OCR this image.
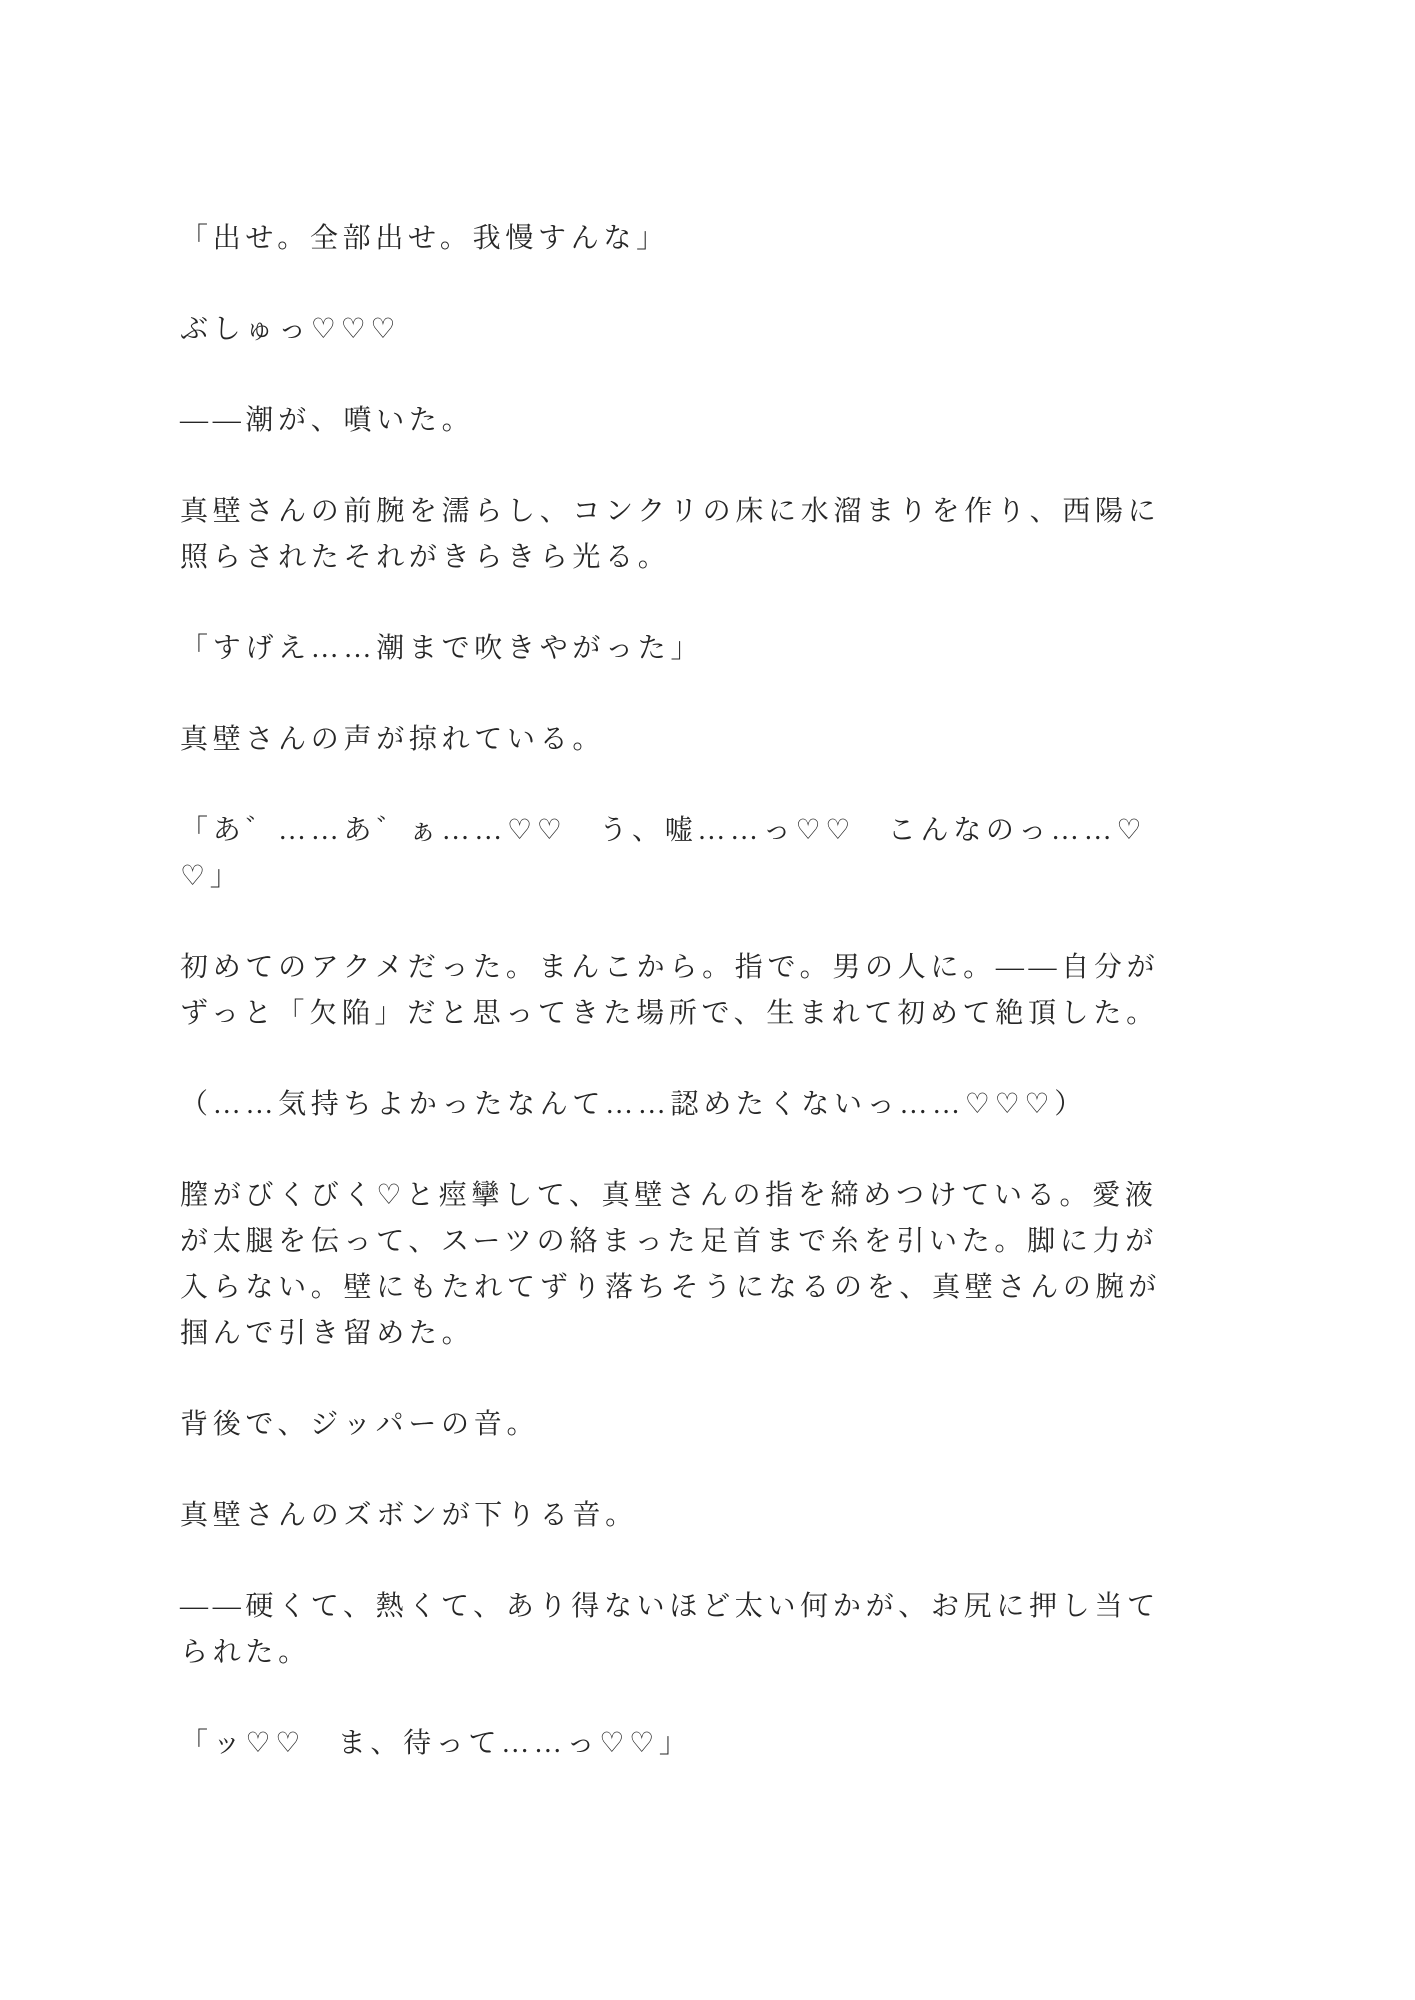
「出せ。全部出せ。我慢すんな」

ぶしゅっ♡♡♡

——潮が、噴いた。

真壁さんの前腕を濡らし、コンクリの床に水溜まりを作り、西陽に
照らされたそれがきらきら光る。

「すげえ……潮まで吹きやがった」

真壁さんの声が掠れている。

「あ゛……あ゛ぁ……♡♡　う、嘘……っ♡♡　こんなのっ……♡
♡」

初めてのアクメだった。まんこから。指で。男の人に。——自分が
ずっと「欠陥」だと思ってきた場所で、生まれて初めて絶頂した。

（……気持ちよかったなんて……認めたくないっ……♡♡♡）

膣がびくびく♡と痙攣して、真壁さんの指を締めつけている。愛液
が太腿を伝って、スーツの絡まった足首まで糸を引いた。脚に力が
入らない。壁にもたれてずり落ちそうになるのを、真壁さんの腕が
掴んで引き留めた。

背後で、ジッパーの音。

真壁さんのズボンが下りる音。

——硬くて、熱くて、あり得ないほど太い何かが、お尻に押し当て
られた。

「ッ♡♡　ま、待って……っ♡♡」
